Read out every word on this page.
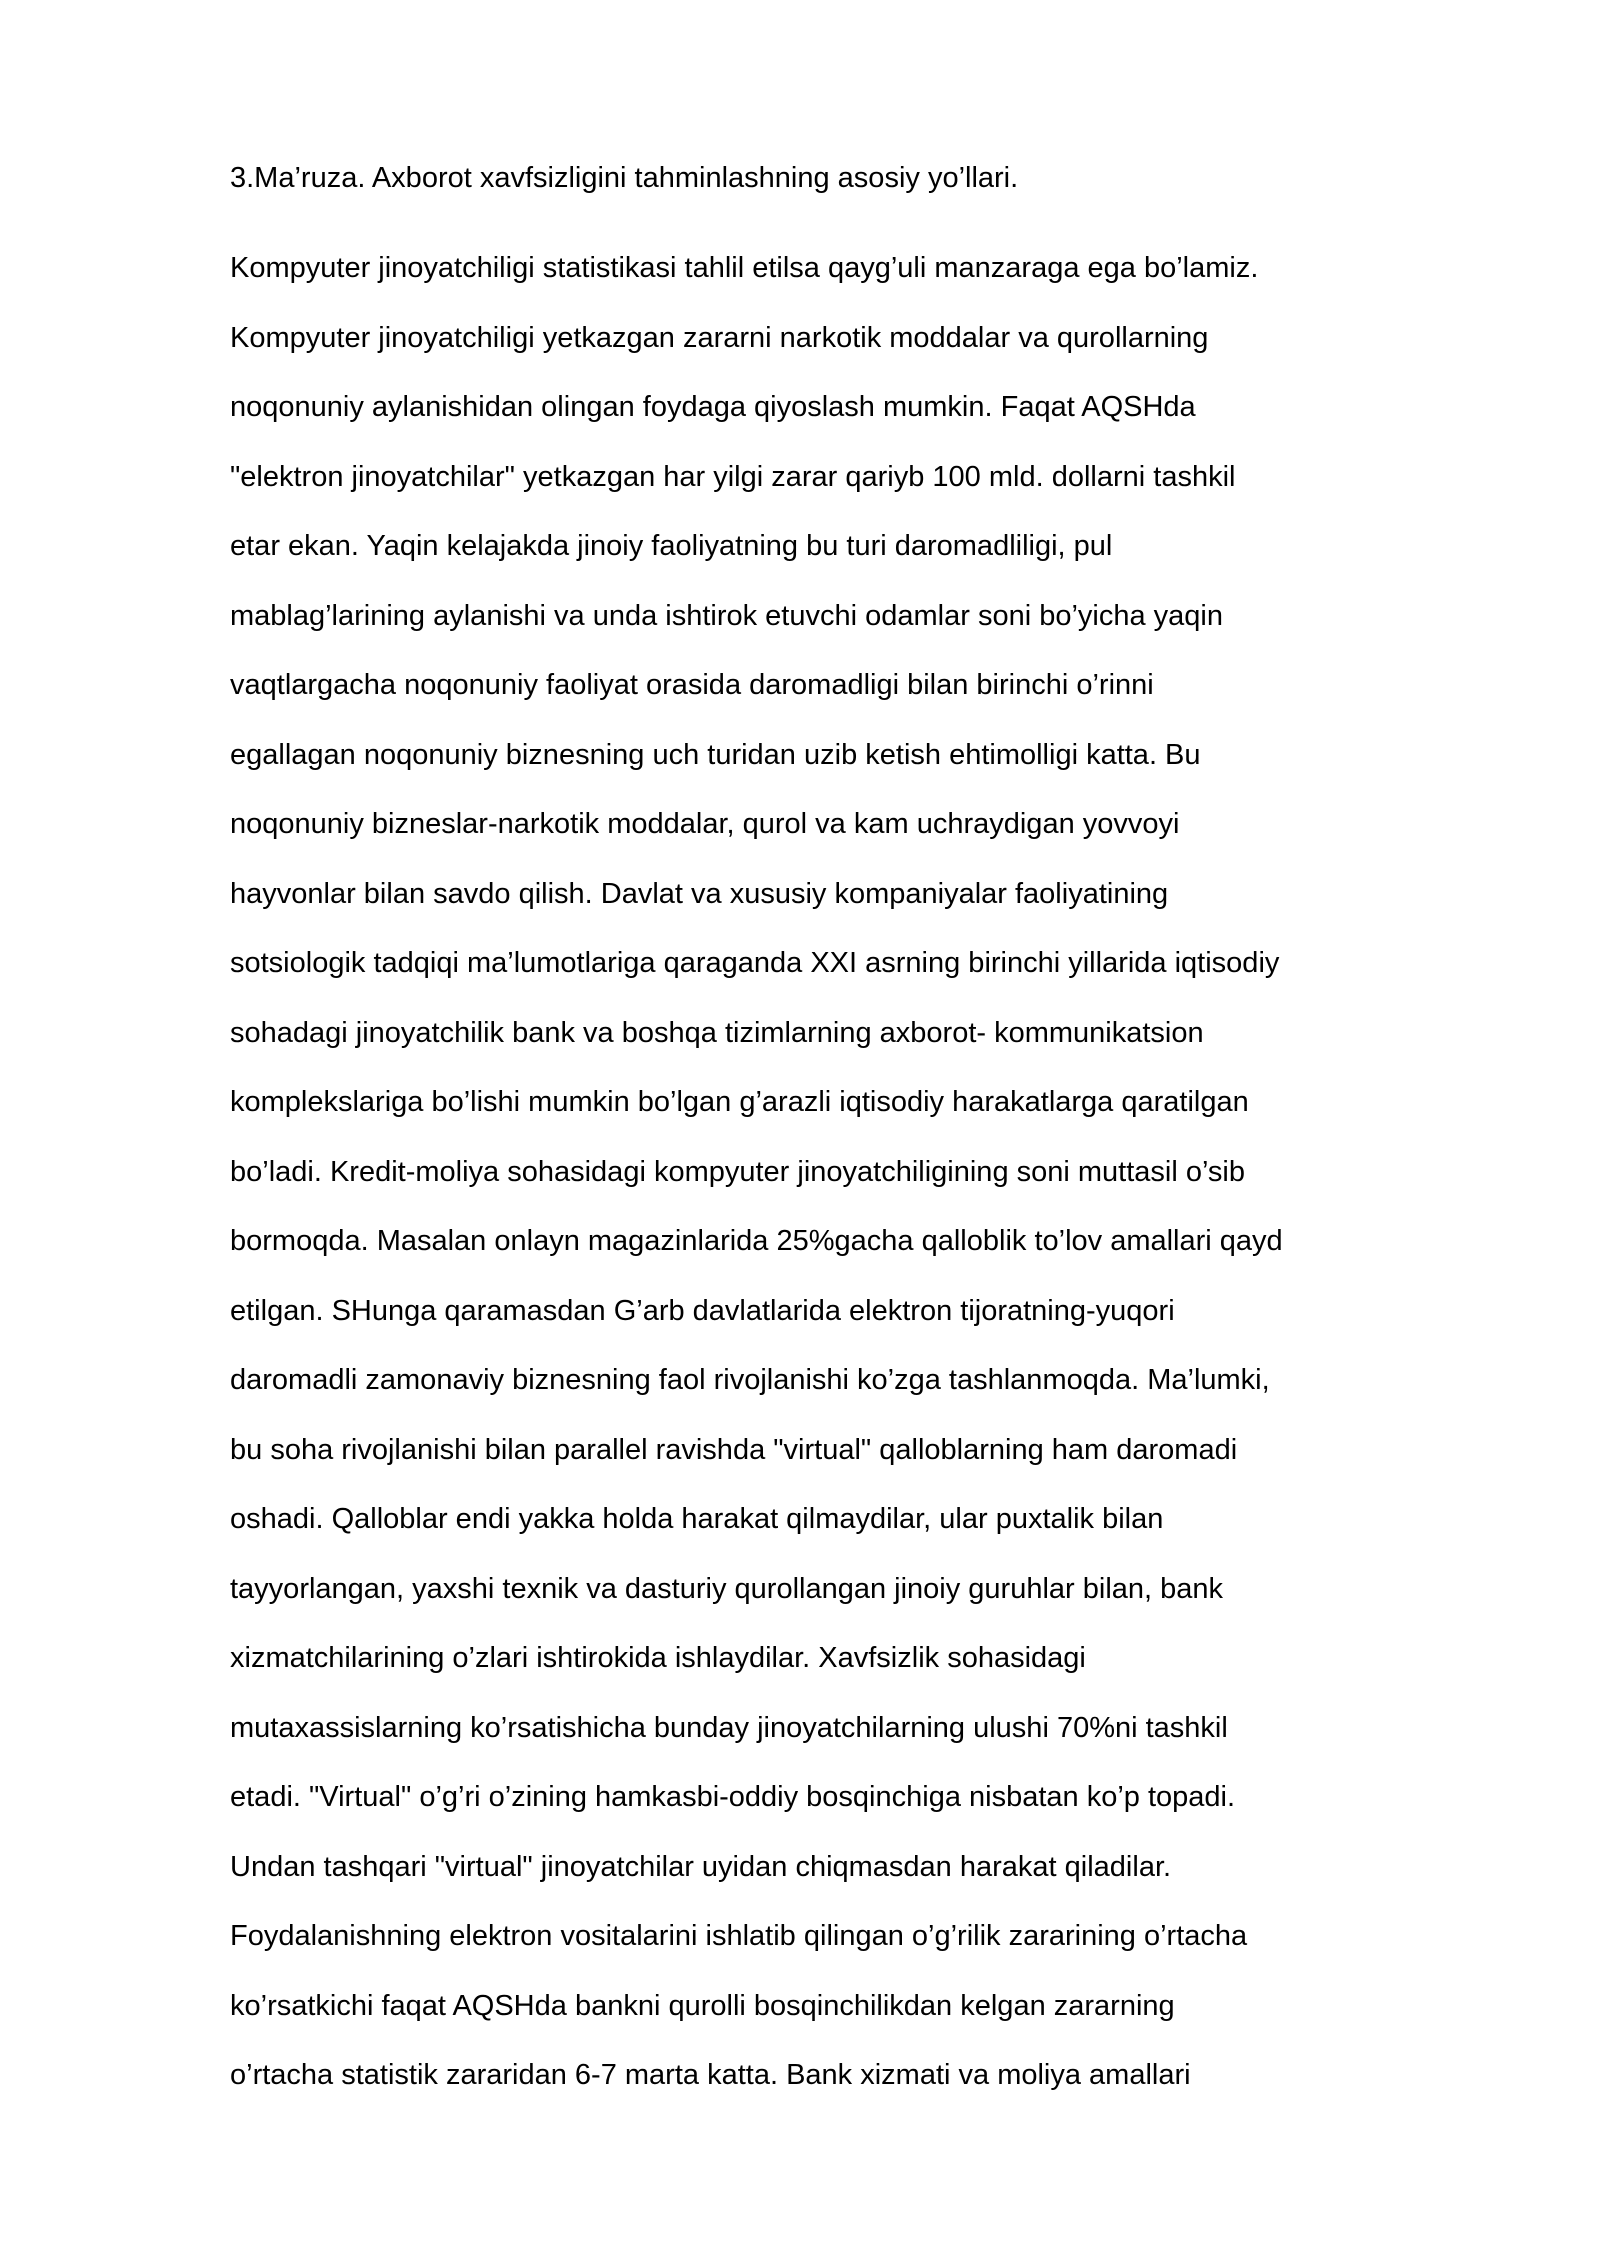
3.Ma’ruza. Axborot xavfsizligini tahminlashning asosiy yo’llari.
Kompyuter jinoyatchiligi statistikasi tahlil etilsa qayg’uli manzaraga ega bo’lamiz.
Kompyuter jinoyatchiligi yetkazgan zararni narkotik moddalar va qurollarning
noqonuniy aylanishidan olingan foydaga qiyoslash mumkin. Faqat AQSHda
"elektron jinoyatchilar" yetkazgan har yilgi zarar qariyb 100 mld. dollarni tashkil
etar ekan. Yaqin kelajakda jinoiy faoliyatning bu turi daromadliligi, pul
mablag’larining aylanishi va unda ishtirok etuvchi odamlar soni bo’yicha yaqin
vaqtlargacha noqonuniy faoliyat orasida daromadligi bilan birinchi o’rinni
egallagan noqonuniy biznesning uch turidan uzib ketish ehtimolligi katta. Bu
noqonuniy bizneslar-narkotik moddalar, qurol va kam uchraydigan yovvoyi
hayvonlar bilan savdo qilish. Davlat va xususiy kompaniyalar faoliyatining
sotsiologik tadqiqi ma’lumotlariga qaraganda XXI asrning birinchi yillarida iqtisodiy
sohadagi jinoyatchilik bank va boshqa tizimlarning axborot- kommunikatsion
komplekslariga bo’lishi mumkin bo’lgan g’arazli iqtisodiy harakatlarga qaratilgan
bo’ladi. Kredit-moliya sohasidagi kompyuter jinoyatchiligining soni muttasil o’sib
bormoqda. Masalan onlayn magazinlarida 25%gacha qalloblik to’lov amallari qayd
etilgan. SHunga qaramasdan G’arb davlatlarida elektron tijoratning-yuqori
daromadli zamonaviy biznesning faol rivojlanishi ko’zga tashlanmoqda. Ma’lumki,
bu soha rivojlanishi bilan parallel ravishda "virtual" qalloblarning ham daromadi
oshadi. Qalloblar endi yakka holda harakat qilmaydilar, ular puxtalik bilan
tayyorlangan, yaxshi texnik va dasturiy qurollangan jinoiy guruhlar bilan, bank
xizmatchilarining o’zlari ishtirokida ishlaydilar. Xavfsizlik sohasidagi
mutaxassislarning ko’rsatishicha bunday jinoyatchilarning ulushi 70%ni tashkil
etadi. "Virtual" o’g’ri o’zining hamkasbi-oddiy bosqinchiga nisbatan ko’p topadi.
Undan tashqari "virtual" jinoyatchilar uyidan chiqmasdan harakat qiladilar.
Foydalanishning elektron vositalarini ishlatib qilingan o’g’rilik zararining o’rtacha
ko’rsatkichi faqat AQSHda bankni qurolli bosqinchilikdan kelgan zararning
o’rtacha statistik zararidan 6-7 marta katta. Bank xizmati va moliya amallari
